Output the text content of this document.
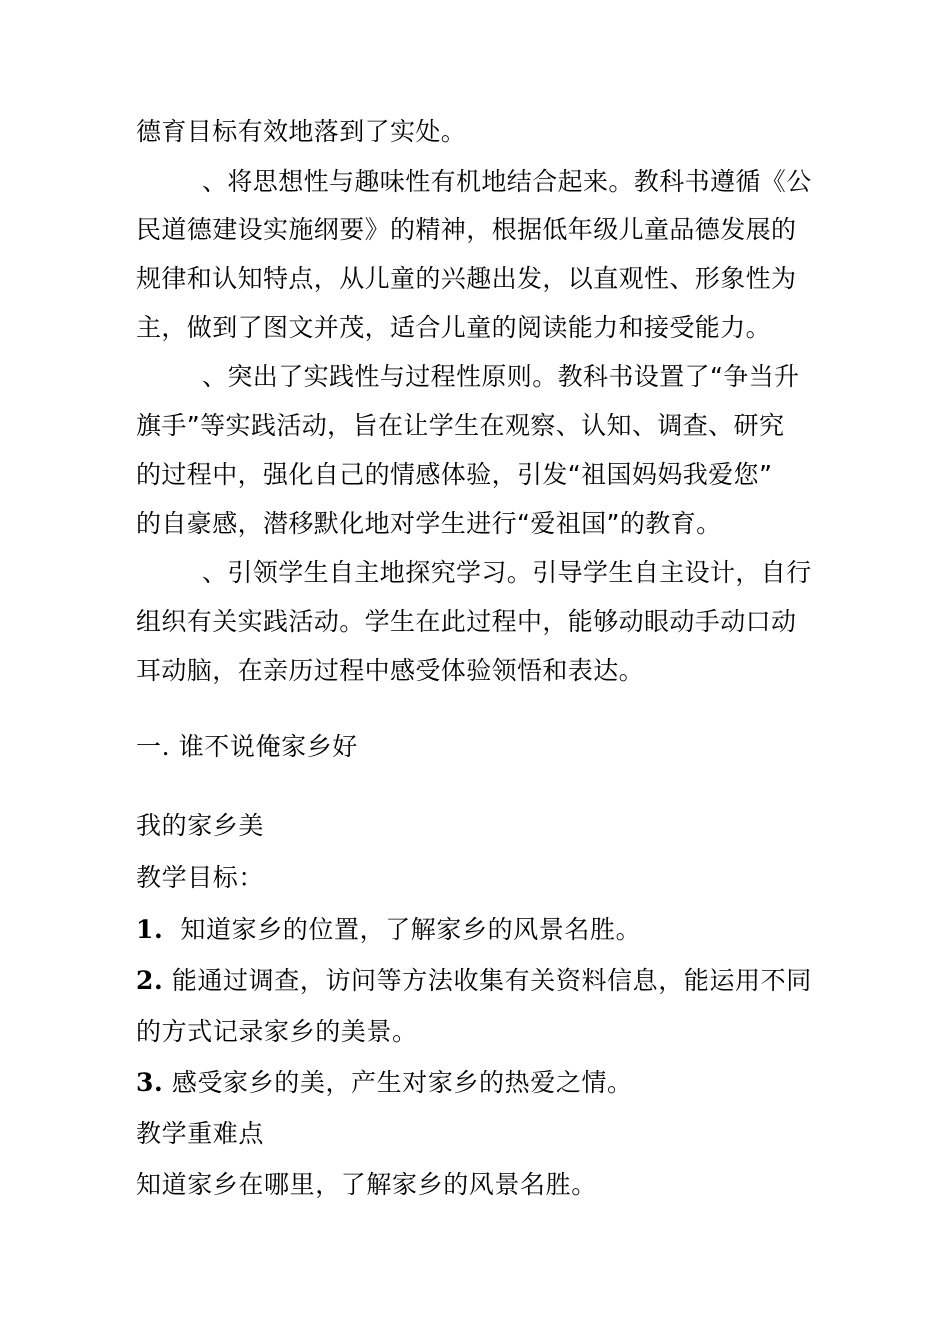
德育目标有效地落到了实处。

、将思想性与趣味性有机地结合起来。教科书遵循《公

民道德建设实施纲要》的精神，根据低年级儿童品德发展的

规律和认知特点，从儿童的兴趣出发，以直观性、形象性为

主，做到了图文并茂，适合儿童的阅读能力和接受能力。

、突出了实践性与过程性原则。教科书设置了“争当升

旗手”等实践活动，旨在让学生在观察、认知、调查、研究

的过程中，强化自己的情感体验，引发“祖国妈妈我爱您”

的自豪感，潜移默化地对学生进行“爱祖国”的教育。

、引领学生自主地探究学习。引导学生自主设计，自行

组织有关实践活动。学生在此过程中，能够动眼动手动口动

耳动脑，在亲历过程中感受体验领悟和表达。

一. 谁不说俺家乡好

我的家乡美

教学目标：

1. 知道家乡的位置，了解家乡的风景名胜。

2. 能通过调查，访问等方法收集有关资料信息，能运用不同

的方式记录家乡的美景。

3. 感受家乡的美，产生对家乡的热爱之情。

教学重难点

知道家乡在哪里，了解家乡的风景名胜。
